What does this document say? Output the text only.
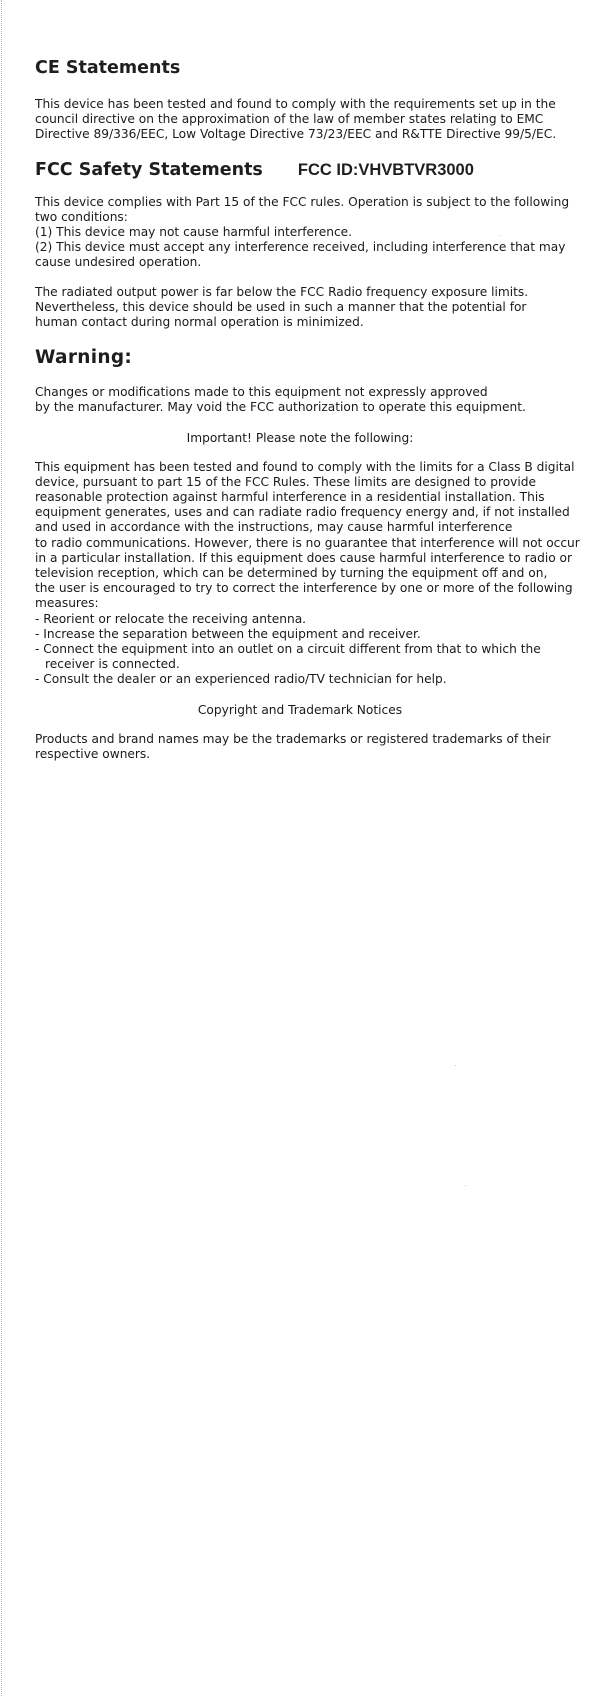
CE Statements

This device has been tested and found to comply with the requirements set up in the

council directive on the approximation of the law of member states relating to EMC

Directive 89/336/EEC, Low Voltage Directive 73/23/EEC and R&TTE Directive 99/5/EC.

FCC Safety Statements FCC ID:VHVBTVR3000

This device complies with Part 15 of the FCC rules. Operation is subject to the following

two conditions:

(1) This device may not cause harmful interference.

(2) This device must accept any interference received, including interference that may

cause undesired operation.

The radiated output power is far below the FCC Radio frequency exposure limits.

Nevertheless, this device should be used in such a manner that the potential for

human contact during normal operation is minimized.

Warning:

Changes or modifications made to this equipment not expressly approved

by the manufacturer. May void the FCC authorization to operate this equipment.

Important! Please note the following:

This equipment has been tested and found to comply with the limits for a Class B digital

device, pursuant to part 15 of the FCC Rules. These limits are designed to provide

reasonable protection against harmful interference in a residential installation. This

equipment generates, uses and can radiate radio frequency energy and, if not installed

and used in accordance with the instructions, may cause harmful interference

to radio communications. However, there is no guarantee that interference will not occur

in a particular installation. If this equipment does cause harmful interference to radio or

television reception, which can be determined by turning the equipment off and on,

the user is encouraged to try to correct the interference by one or more of the following

measures:

- Reorient or relocate the receiving antenna.

- Increase the separation between the equipment and receiver.

- Connect the equipment into an outlet on a circuit different from that to which the

receiver is connected.

- Consult the dealer or an experienced radio/TV technician for help.

Copyright and Trademark Notices

Products and brand names may be the trademarks or registered trademarks of their

respective owners.
